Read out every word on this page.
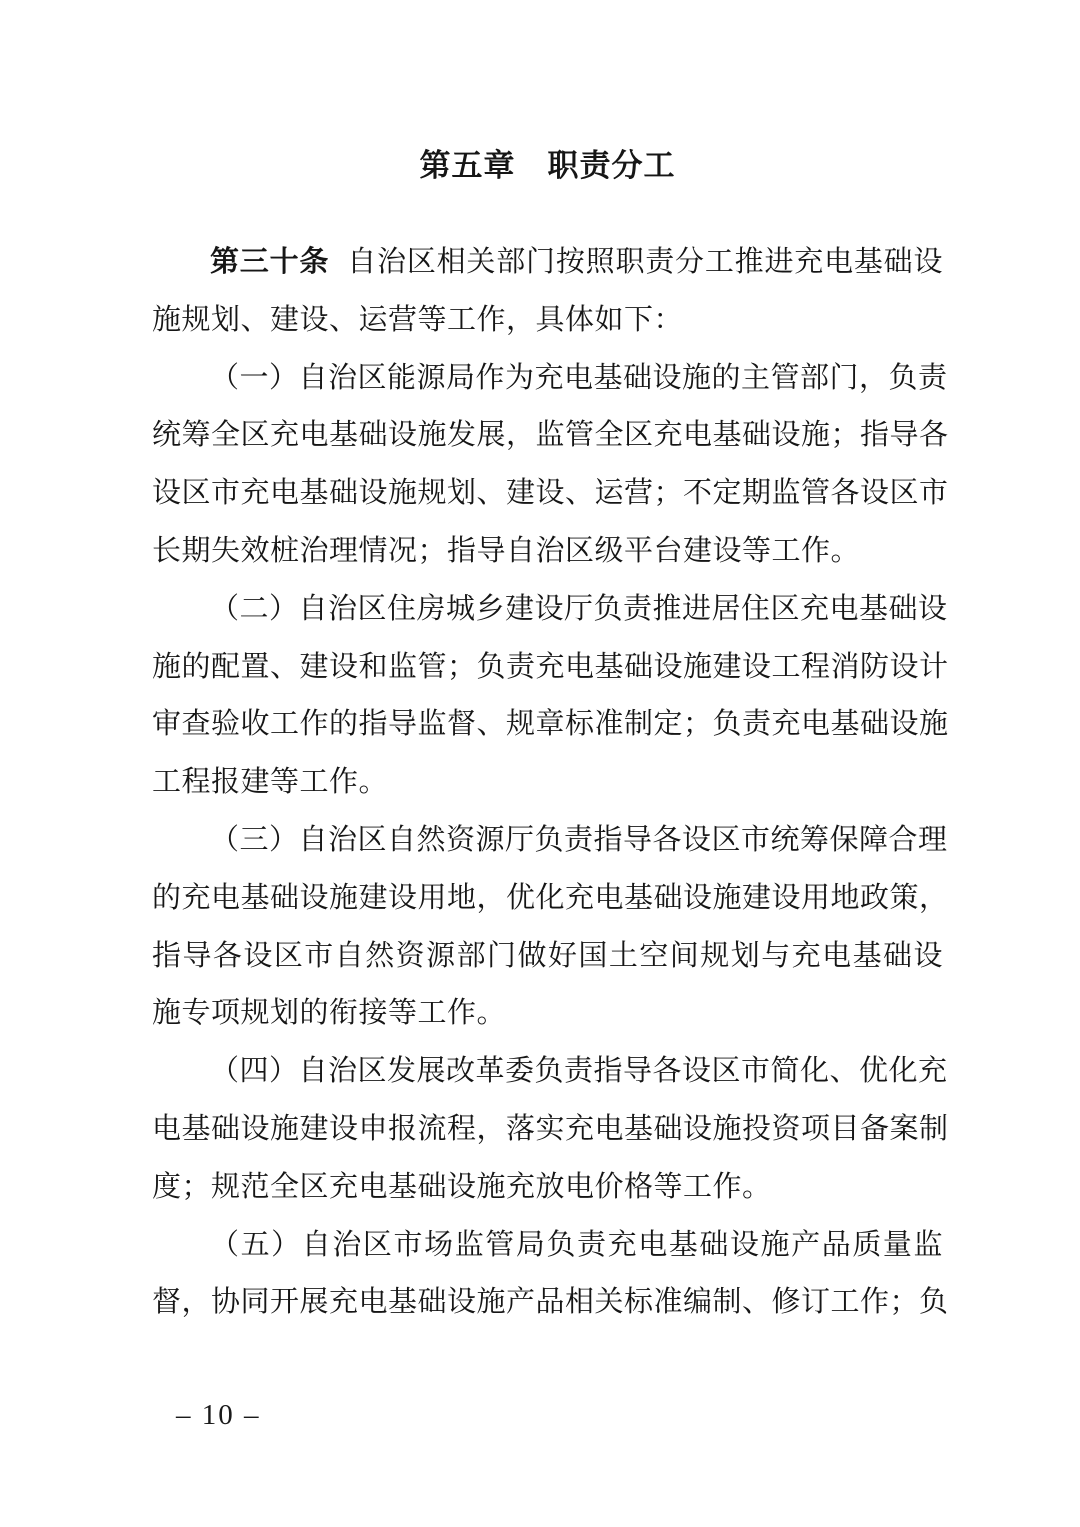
第五章　职责分工
第三十条 自治区相关部门按照职责分工推进充电基础设
施规划、建设、运营等工作，具体如下：
（一）自治区能源局作为充电基础设施的主管部门，负责
统筹全区充电基础设施发展，监管全区充电基础设施；指导各
设区市充电基础设施规划、建设、运营；不定期监管各设区市
长期失效桩治理情况；指导自治区级平台建设等工作。
（二）自治区住房城乡建设厅负责推进居住区充电基础设
施的配置、建设和监管；负责充电基础设施建设工程消防设计
审查验收工作的指导监督、规章标准制定；负责充电基础设施
工程报建等工作。
（三）自治区自然资源厅负责指导各设区市统筹保障合理
的充电基础设施建设用地，优化充电基础设施建设用地政策，
指导各设区市自然资源部门做好国土空间规划与充电基础设
施专项规划的衔接等工作。
（四）自治区发展改革委负责指导各设区市简化、优化充
电基础设施建设申报流程，落实充电基础设施投资项目备案制
度；规范全区充电基础设施充放电价格等工作。
（五）自治区市场监管局负责充电基础设施产品质量监
督，协同开展充电基础设施产品相关标准编制、修订工作；负
– 10 –
